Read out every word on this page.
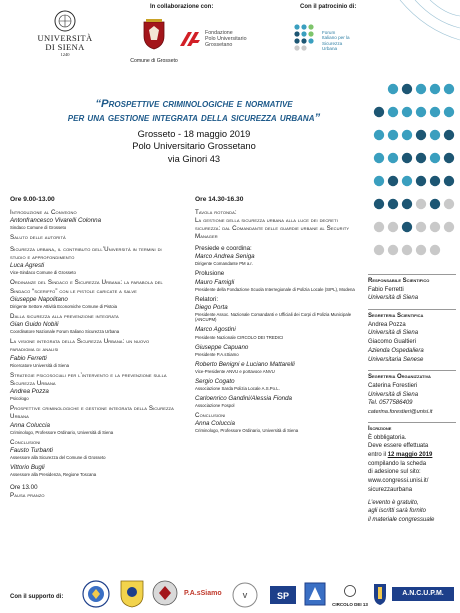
UNIVERSITÀ
DI SIENA
1240
In collaborazione con:
Comune di Grosseto
Fondazione
Polo Universitario
Grossetano
Con il patrocinio di:
Forum
Italiano per la
Sicurezza
Urbana
“Prospettive criminologiche e normative
per una gestione integrata della sicurezza urbana”
Grosseto - 18 maggio 2019
Polo Universitario Grossetano
via Ginori 43
Ore 9.00-13.00
Introduzione al Convegno
Antonfrancesco Vivarelli Colonna
Sindaco Comune di Grosseto
Saluto delle autorità
Sicurezza urbana, il contributo dell’Università in termini di studio e approfondimento
Luca Agresti
Vice-Sindaco Comune di Grosseto
Ordinanze del Sindaco e Sicurezza Urbana: la parabola del Sindaco “sceriffo” con le pistole caricate a salve
Giuseppe Napolitano
Dirigente Settore Attività Economiche Comune di Pistoia
Dalla sicurezza alla prevenzione integrata
Gian Guido Nobili
Coordinatore Nazionale Forum Italiano Sicurezza Urbana
La visione integrata della Sicurezza Urbana: un nuovo paradigma di analisi
Fabio Ferretti
Ricercatore Università di Siena
Strategie psicosociali per l’intervento e la prevenzione sulla Sicurezza Urbana
Andrea Pozza
Psicologo
Prospettive criminologiche e gestione integrata della Sicurezza Urbana
Anna Coluccia
Criminologo, Professore Ordinario, Università di Siena
Conclusioni
Fausto Turbanti
Assessore alla Sicurezza del Comune di Grosseto
Vittorio Bugli
Assessore alla Presidenza, Regione Toscana
Ore 13.00
Pausa pranzo
Ore 14.30-16.30
Tavola rotonda:
La gestione della sicurezza urbana alla luce dei decreti sicurezza: dal Comandante delle guardie urbane al Security Manager
Presiede e coordina:
Marco Andrea Seniga
Dirigente Comandante PM a.r.
Prolusione
Mauro Famigli
Presidente della Fondazione Scuola Interregionale di Polizia Locale (SIPL), Modena
Relatori:
Diego Porta
Presidente Assoc. Nazionale Comandanti e Ufficiali dei Corpi di Polizia Municipale (ANCUPM)
Marco Agostini
Presidente Nazionale CIRCOLO DEI TREDICI
Giuseppe Capuano
Presidente P.A.sSiamo
Roberto Benigni e Luciano Mattarelli
Vice-Presidente ANVU e portavoce ANVU
Sergio Cogato
Associazione Sarda Polizia Locale A.S.Po.L.
Carloenrico Gandini/Alessia Fionda
Associazione Fospol
Conclusioni
Anna Coluccia
Criminologo, Professore Ordinario, Università di Siena
Responsabile Scientifico
Fabio Ferretti
Università di Siena
Segreteria Scientifica
Andrea Pozza
Università di Siena
Giacomo Gualtieri
Azienda Ospedaliera
Universitaria Senese
Segreteria Organizzativa
Caterina Forestieri
Università di Siena
Tel. 0577586409
caterina.forestieri@unisi.it
Iscrizione
È obbligatoria.
Deve essere effettuata
entro il 12 maggio 2019
compilando la scheda
di adesione sul sito:
www.congressi.unisi.it/
sicurezzaurbana
L’evento è gratuito,
agli iscritti sarà fornito
il materiale congressuale
Con il supporto di:	P.A.sSiamo	V	SP
CIRCOLO DEI 13
A.N.C.U.P.M.
